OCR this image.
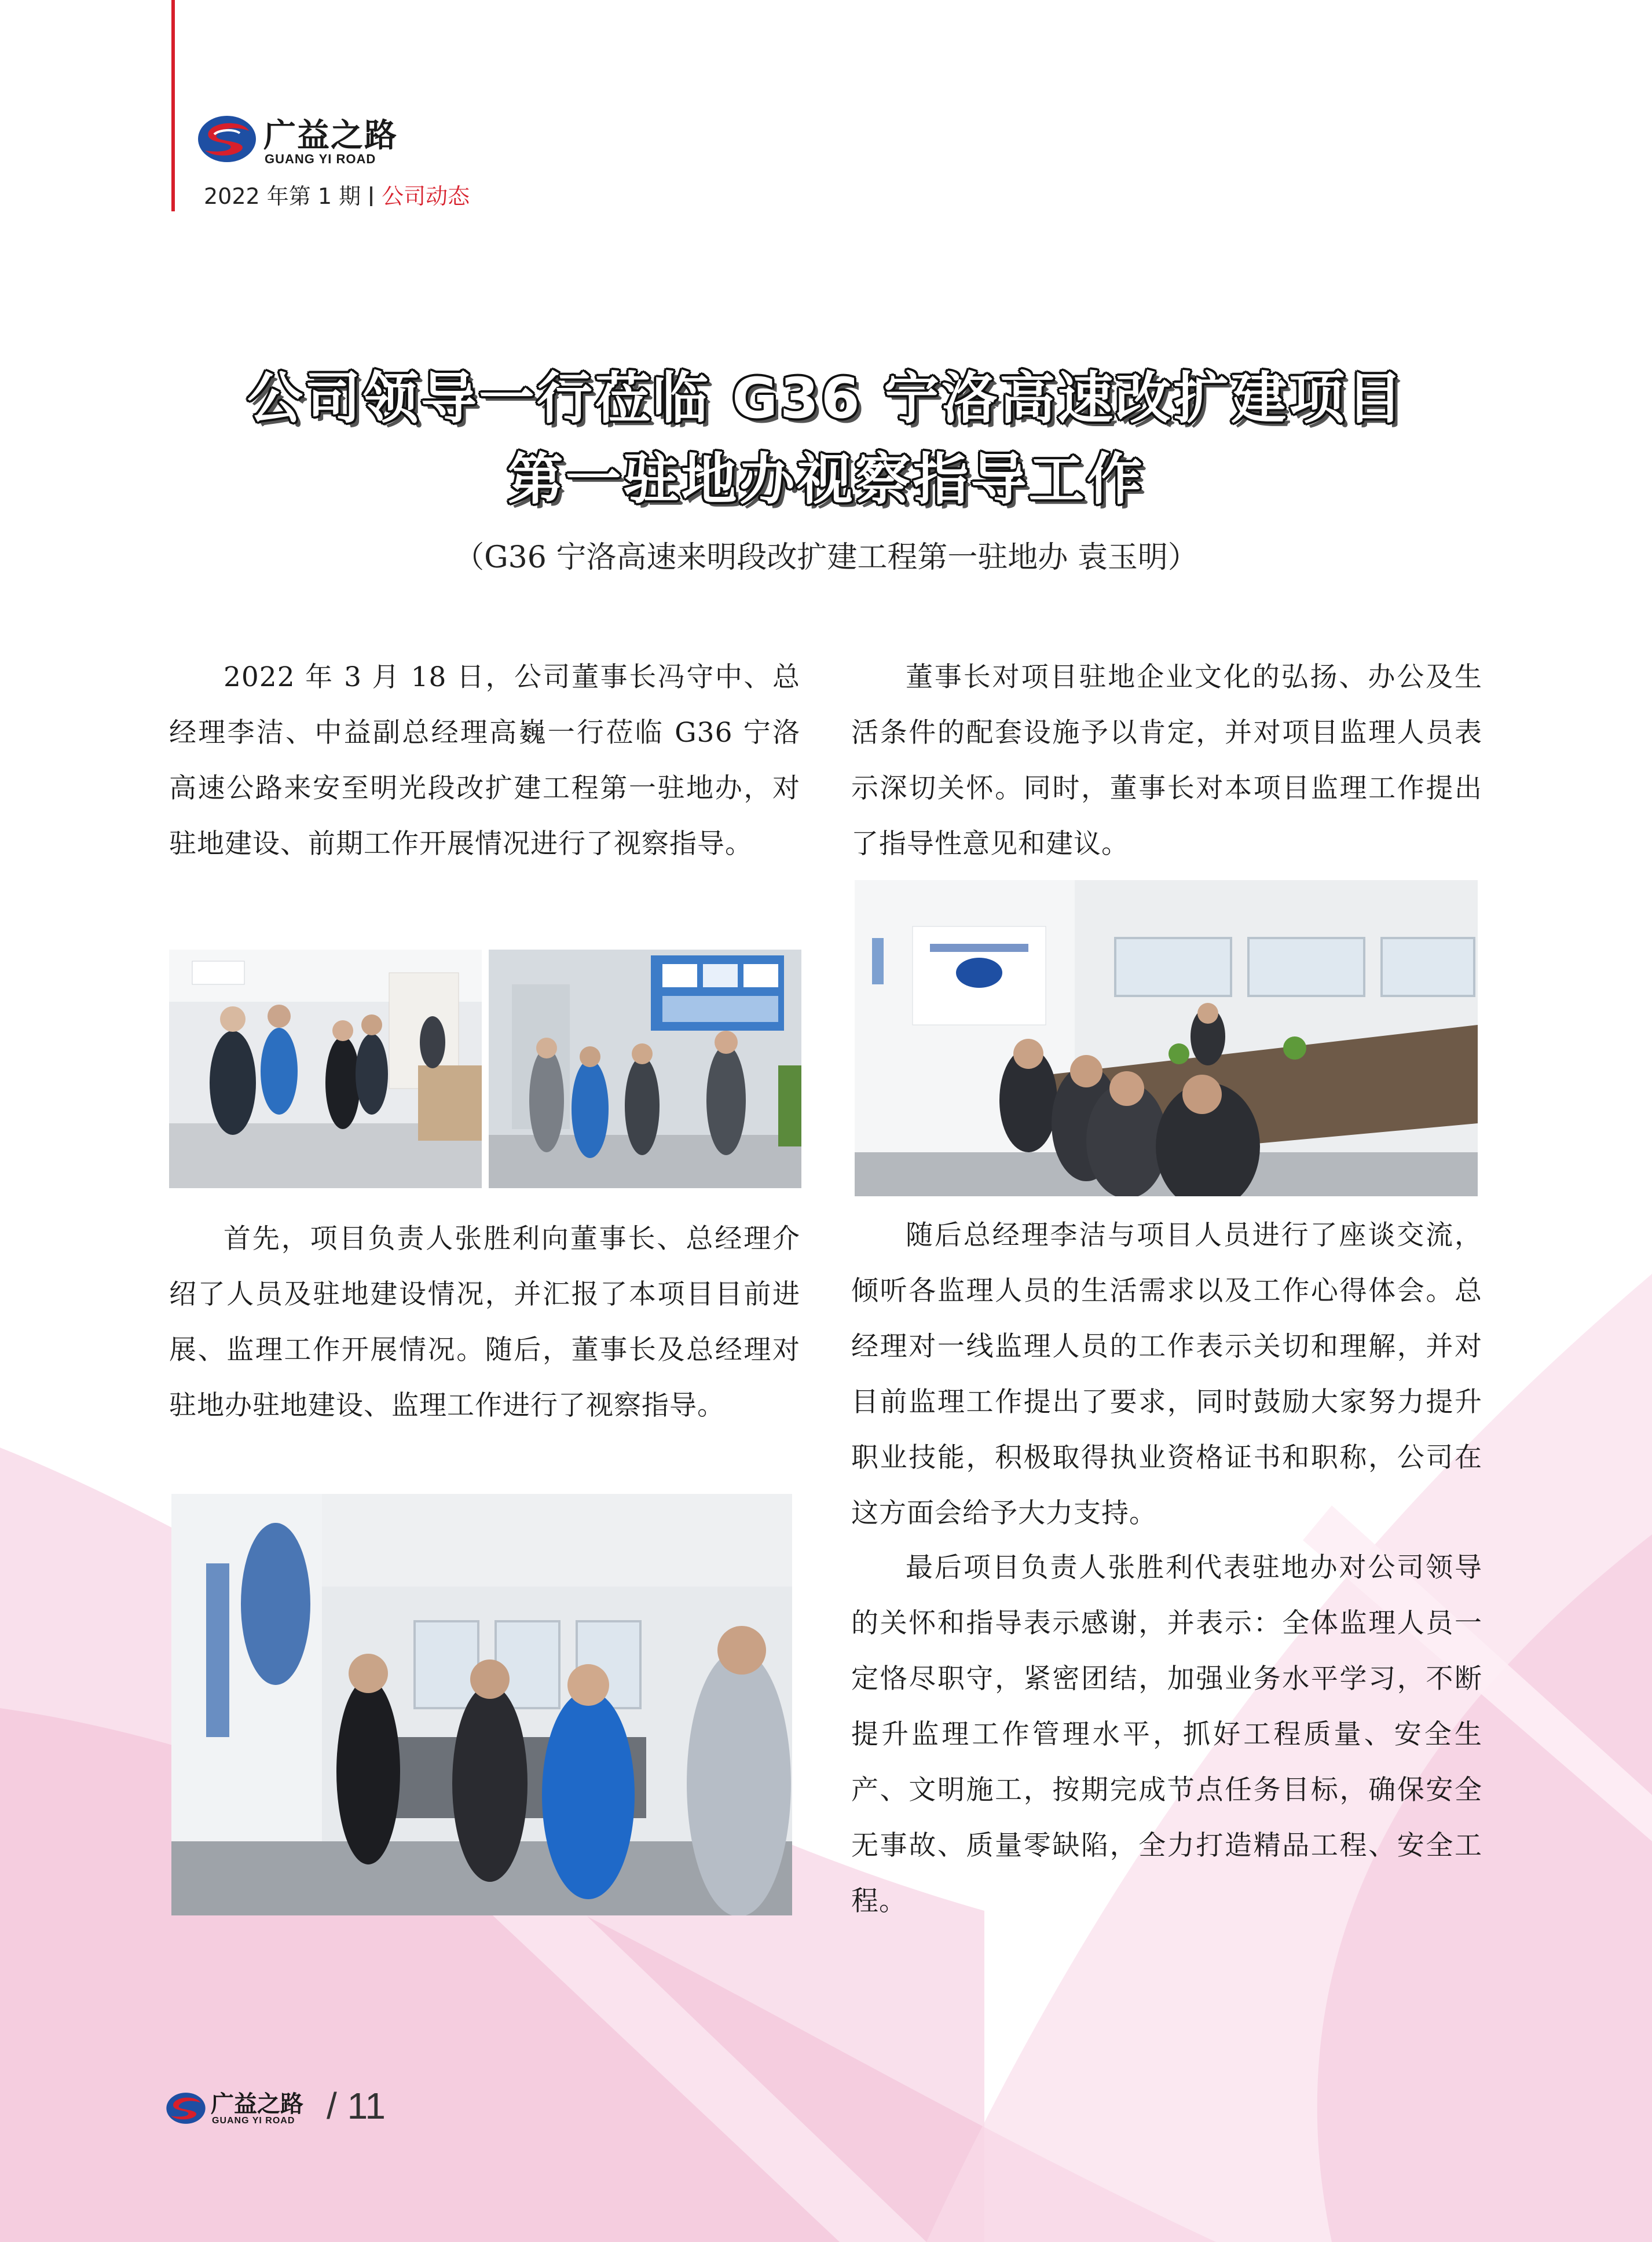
广益之路
GUANG YI ROAD
2022 年第 1 期 公司动态
公司领导一行莅临 G36 宁洛高速改扩建项目
第一驻地办视察指导工作
（G36 宁洛高速来明段改扩建工程第一驻地办 袁玉明）
2022 年 3 月 18 日，公司董事长冯守中、总经理李洁、中益副总经理高巍一行莅临 G36 宁洛高速公路来安至明光段改扩建工程第一驻地办，对驻地建设、前期工作开展情况进行了视察指导。
首先，项目负责人张胜利向董事长、总经理介绍了人员及驻地建设情况，并汇报了本项目目前进展、监理工作开展情况。随后，董事长及总经理对驻地办驻地建设、监理工作进行了视察指导。
董事长对项目驻地企业文化的弘扬、办公及生活条件的配套设施予以肯定，并对项目监理人员表示深切关怀。同时，董事长对本项目监理工作提出了指导性意见和建议。
随后总经理李洁与项目人员进行了座谈交流，倾听各监理人员的生活需求以及工作心得体会。总经理对一线监理人员的工作表示关切和理解，并对目前监理工作提出了要求，同时鼓励大家努力提升职业技能，积极取得执业资格证书和职称，公司在这方面会给予大力支持。
最后项目负责人张胜利代表驻地办对公司领导的关怀和指导表示感谢，并表示：全体监理人员一定恪尽职守，紧密团结，加强业务水平学习，不断提升监理工作管理水平，抓好工程质量、安全生产、文明施工，按期完成节点任务目标，确保安全无事故、质量零缺陷，全力打造精品工程、安全工程。
广益之路
GUANG YI ROAD / 11
